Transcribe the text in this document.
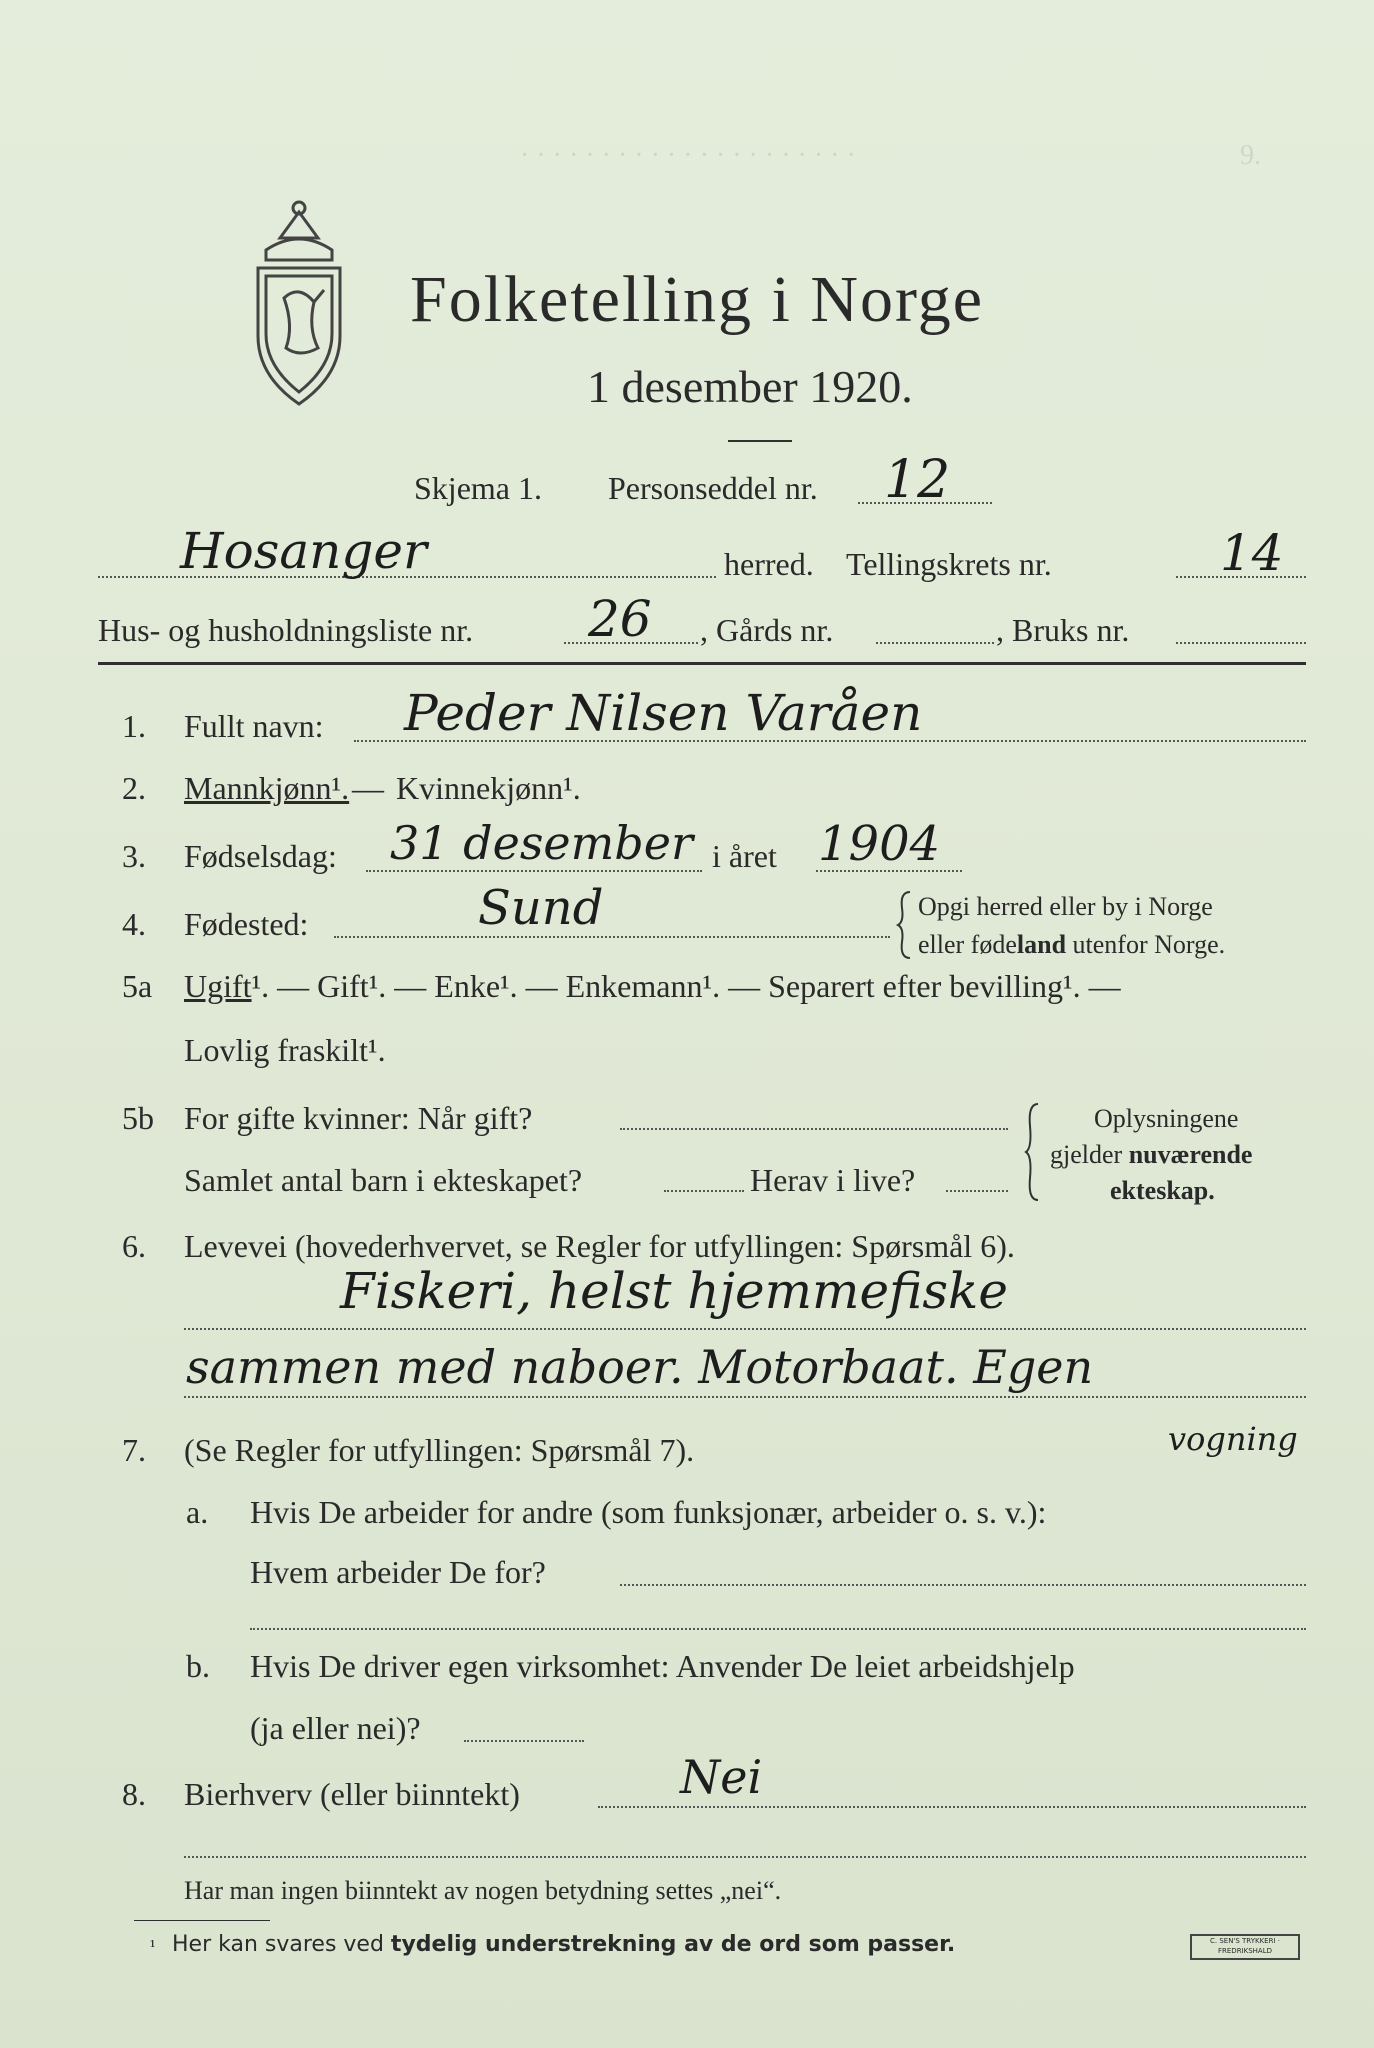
· · · · · · · · · · · · · · · · · · · · ·	9.
Folketelling i Norge
1 desember 1920.
Skjema 1. Personseddel nr. 12
Hosanger	herred. Tellingskrets nr.	14
Hus- og husholdningsliste nr. 26 , Gårds nr.	, Bruks nr.
1. Fullt navn: Peder Nilsen Varåen
2. Mannkjønn¹. — Kvinnekjønn¹.
3. Fødselsdag: 31 desember i året 1904
4. Fødested:	Sund	Opgi herred eller by i Norge
eller fødeland utenfor Norge.
5a Ugift¹. — Gift¹. — Enke¹. — Enkemann¹. — Separert efter bevilling¹. —
Lovlig fraskilt¹.
5b For gifte kvinner: Når gift?
Samlet antal barn i ekteskapet?	Herav i live?
Oplysningene
gjelder nuværende
ekteskap.
6. Levevei (hovederhvervet, se Regler for utfyllingen: Spørsmål 6).
Fiskeri, helst hjemmefiske
sammen med naboer. Motorbaat. Egen
vogning
7. (Se Regler for utfyllingen: Spørsmål 7).
a. Hvis De arbeider for andre (som funksjonær, arbeider o. s. v.):
Hvem arbeider De for?
b. Hvis De driver egen virksomhet: Anvender De leiet arbeidshjelp
(ja eller nei)?
8. Bierhverv (eller biinntekt)	Nei
Har man ingen biinntekt av nogen betydning settes „nei“.
¹ Her kan svares ved tydelig understrekning av de ord som passer.	C. SEN'S TRYKKERI · FREDRIKSHALD
